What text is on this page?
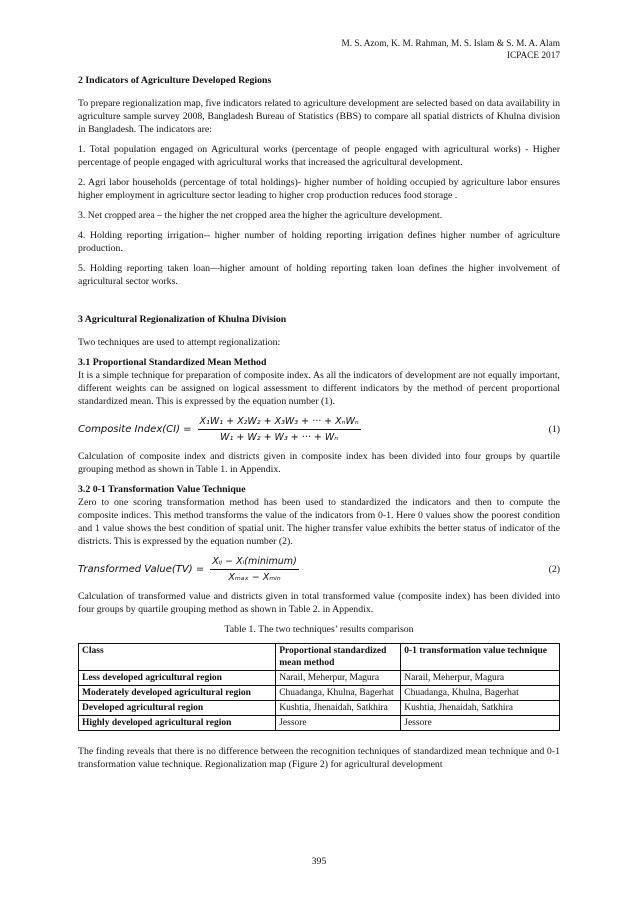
M. S. Azom, K. M. Rahman, M. S. Islam & S. M. A. Alam
ICPACE 2017
2 Indicators of Agriculture Developed Regions

To prepare regionalization map, five indicators related to agriculture development are selected based on data availability in agriculture sample survey 2008, Bangladesh Bureau of Statistics (BBS) to compare all spatial districts of Khulna division in Bangladesh. The indicators are:

1. Total population engaged on Agricultural works (percentage of people engaged with agricultural works) - Higher percentage of people engaged with agricultural works that increased the agricultural development.

2. Agri labor households (percentage of total holdings)- higher number of holding occupied by agriculture labor ensures higher employment in agriculture sector leading to higher crop production reduces food storage .

3. Net cropped area – the higher the net cropped area the higher the agriculture development.

4. Holding reporting irrigation-- higher number of holding reporting irrigation defines higher number of agriculture production.

5. Holding reporting taken loan—higher amount of holding reporting taken loan defines the higher involvement of agricultural sector works.

3 Agricultural Regionalization of Khulna Division

Two techniques are used to attempt regionalization:

3.1 Proportional Standardized Mean Method

It is a simple technique for preparation of composite index. As all the indicators of development are not equally important, different weights can be assigned on logical assessment to different indicators by the method of percent proportional standardized mean. This is expressed by the equation number (1).

Composite Index(CI) = $\frac{\text{X₁W₁ + X₂W₂ + X₃W₃ + ··· + XₙWₙ}}{\text{W₁ + W₂ + W₃ + ··· + Wₙ}}$	(1)

Calculation of composite index and districts given in composite index has been divided into four groups by quartile grouping method as shown in Table 1. in Appendix.

3.2 0-1 Transformation Value Technique

Zero to one scoring transformation method has been used to standardized the indicators and then to compute the composite indices. This method transforms the value of the indicators from 0-1. Here 0 values show the poorest condition and 1 value shows the best condition of spatial unit. The higher transfer value exhibits the better status of indicator of the districts. This is expressed by the equation number (2).

Transformed Value(TV) = $\frac{\text{Xᵢⱼ − Xᵢ(minimum)}}{\text{Xₘₐₓ − Xₘᵢₙ}}$	(2)

Calculation of transformed value and districts given in total transformed value (composite index) has been divided into four groups by quartile grouping method as shown in Table 2. in Appendix.

Table 1. The two techniques’ results comparison
Class	Proportional standardized mean method	0-1 transformation value technique
Less developed agricultural region	Narail, Meherpur, Magura	Narail, Meherpur, Magura
Moderately developed agricultural region	Chuadanga, Khulna, Bagerhat	Chuadanga, Khulna, Bagerhat
Developed agricultural region	Kushtia, Jhenaidah, Satkhira	Kushtia, Jhenaidah, Satkhira
Highly developed agricultural region	Jessore	Jessore

The finding reveals that there is no difference between the recognition techniques of standardized mean technique and 0-1 transformation value technique. Regionalization map (Figure 2) for agricultural development

395
